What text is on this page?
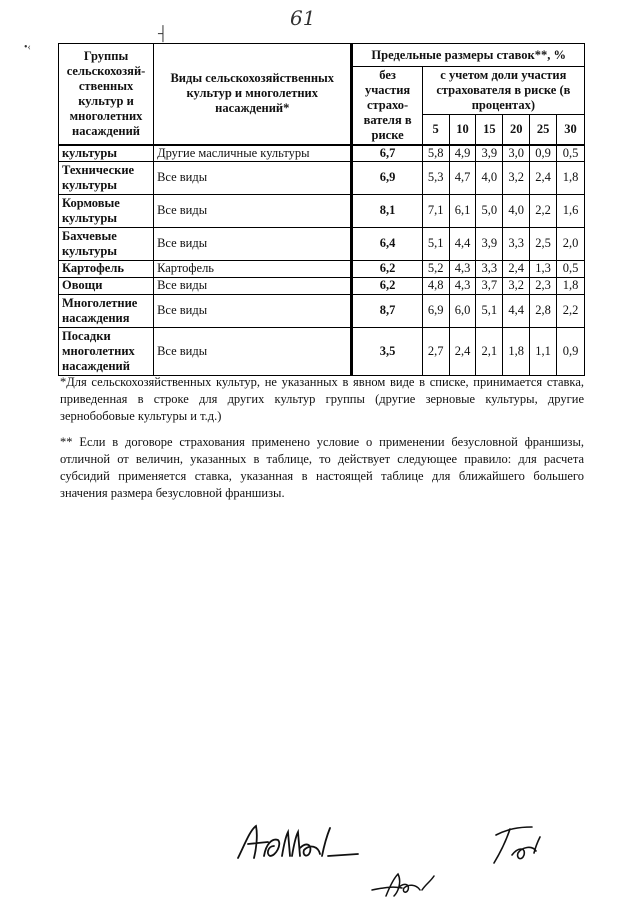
61
┤
•‹
Группы сельскохозяйственных культур и многолетних насаждений	Виды сельскохозяйственных культур и многолетних насаждений*	Предельные размеры ставок**, %						
		без участия страхователя в риске	с учетом доли участия страхователя в риске (в процентах)					
			5	10	15	20	25	30
культуры	Другие масличные культуры	6,7	5,8	4,9	3,9	3,0	0,9	0,5
Технические культуры	Все виды	6,9	5,3	4,7	4,0	3,2	2,4	1,8
Кормовые культуры	Все виды	8,1	7,1	6,1	5,0	4,0	2,2	1,6
Бахчевые культуры	Все виды	6,4	5,1	4,4	3,9	3,3	2,5	2,0
Картофель	Картофель	6,2	5,2	4,3	3,3	2,4	1,3	0,5
Овощи	Все виды	6,2	4,8	4,3	3,7	3,2	2,3	1,8
Многолетние насаждения	Все виды	8,7	6,9	6,0	5,1	4,4	2,8	2,2
Посадки многолетних насаждений	Все виды	3,5	2,7	2,4	2,1	1,8	1,1	0,9

*Для сельскохозяйственных культур, не указанных в явном виде в списке, принимается ставка, приведенная в строке для других культур группы (другие зерновые культуры, другие зернобобовые культуры и т.д.)

** Если в договоре страхования применено условие о применении безусловной франшизы, отличной от величин, указанных в таблице, то действует следующее правило: для расчета субсидий применяется ставка, указанная в настоящей таблице для ближайшего большего значения размера безусловной франшизы.
